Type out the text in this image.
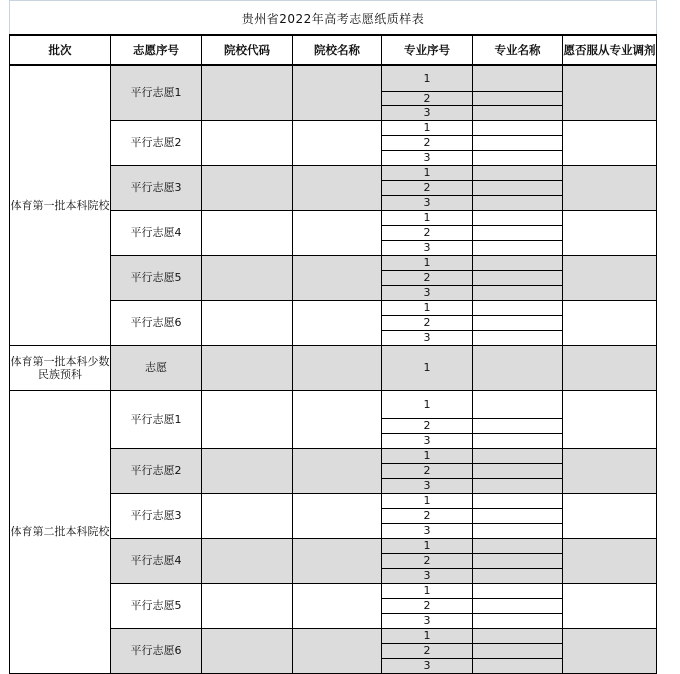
贵州省2022年高考志愿纸质样表
批次	志愿序号	院校代码	院校名称	专业序号	专业名称	愿否服从专业调剂
体育第一批本科院校	平行志愿1			1		
				2		
				3		
	平行志愿2			1		
				2		
				3		
	平行志愿3			1		
				2		
				3		
	平行志愿4			1		
				2		
				3		
	平行志愿5			1		
				2		
				3		
	平行志愿6			1		
				2		
				3		
体育第一批本科少数民族预科	志愿			1		
体育第二批本科院校	平行志愿1			1		
				2		
				3		
	平行志愿2			1		
				2		
				3		
	平行志愿3			1		
				2		
				3		
	平行志愿4			1		
				2		
				3		
	平行志愿5			1		
				2		
				3		
	平行志愿6			1		
				2		
				3		
